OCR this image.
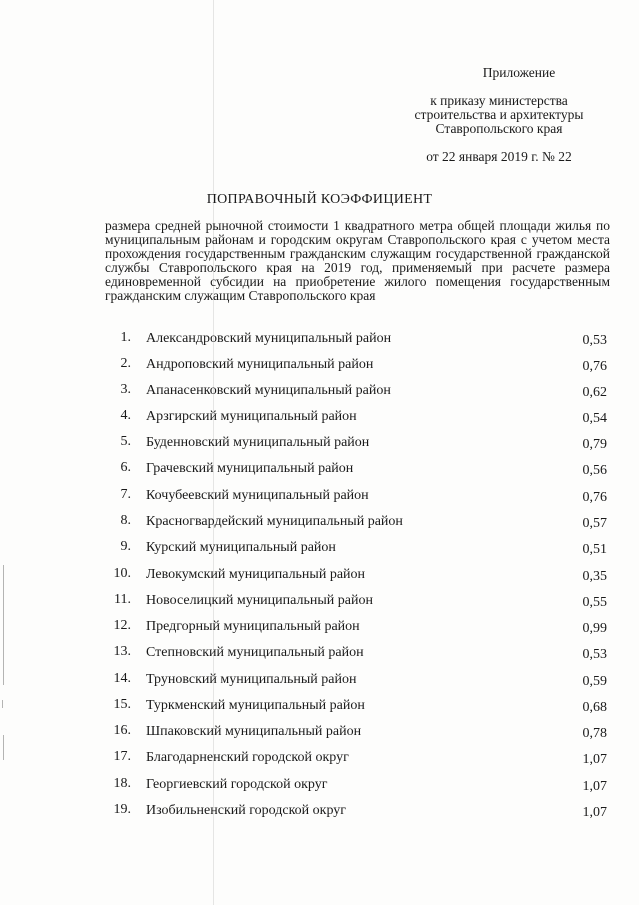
Приложение
к приказу министерства
строительства и архитектуры
Ставропольского края
от 22 января 2019 г. № 22
ПОПРАВОЧНЫЙ КОЭФФИЦИЕНТ
размера средней рыночной стоимости 1 квадратного метра общей площади жилья по муниципальным районам и городским округам Ставропольского края с учетом места прохождения государственным гражданским служащим государственной гражданской службы Ставропольского края на 2019 год, применяемый при расчете размера единовременной субсидии на приобретение жилого помещения государственным гражданским служащим Ставропольского края
1. Александровский муниципальный район	0,53
2. Андроповский муниципальный район	0,76
3. Апанасенковский муниципальный район	0,62
4. Арзгирский муниципальный район	0,54
5. Буденновский муниципальный район	0,79
6. Грачевский муниципальный район	0,56
7. Кочубеевский муниципальный район	0,76
8. Красногвардейский муниципальный район	0,57
9. Курский муниципальный район	0,51
10. Левокумский муниципальный район	0,35
11. Новоселицкий муниципальный район	0,55
12. Предгорный муниципальный район	0,99
13. Степновский муниципальный район	0,53
14. Труновский муниципальный район	0,59
15. Туркменский муниципальный район	0,68
16. Шпаковский муниципальный район	0,78
17. Благодарненский городской округ	1,07
18. Георгиевский городской округ	1,07
19. Изобильненский городской округ	1,07
